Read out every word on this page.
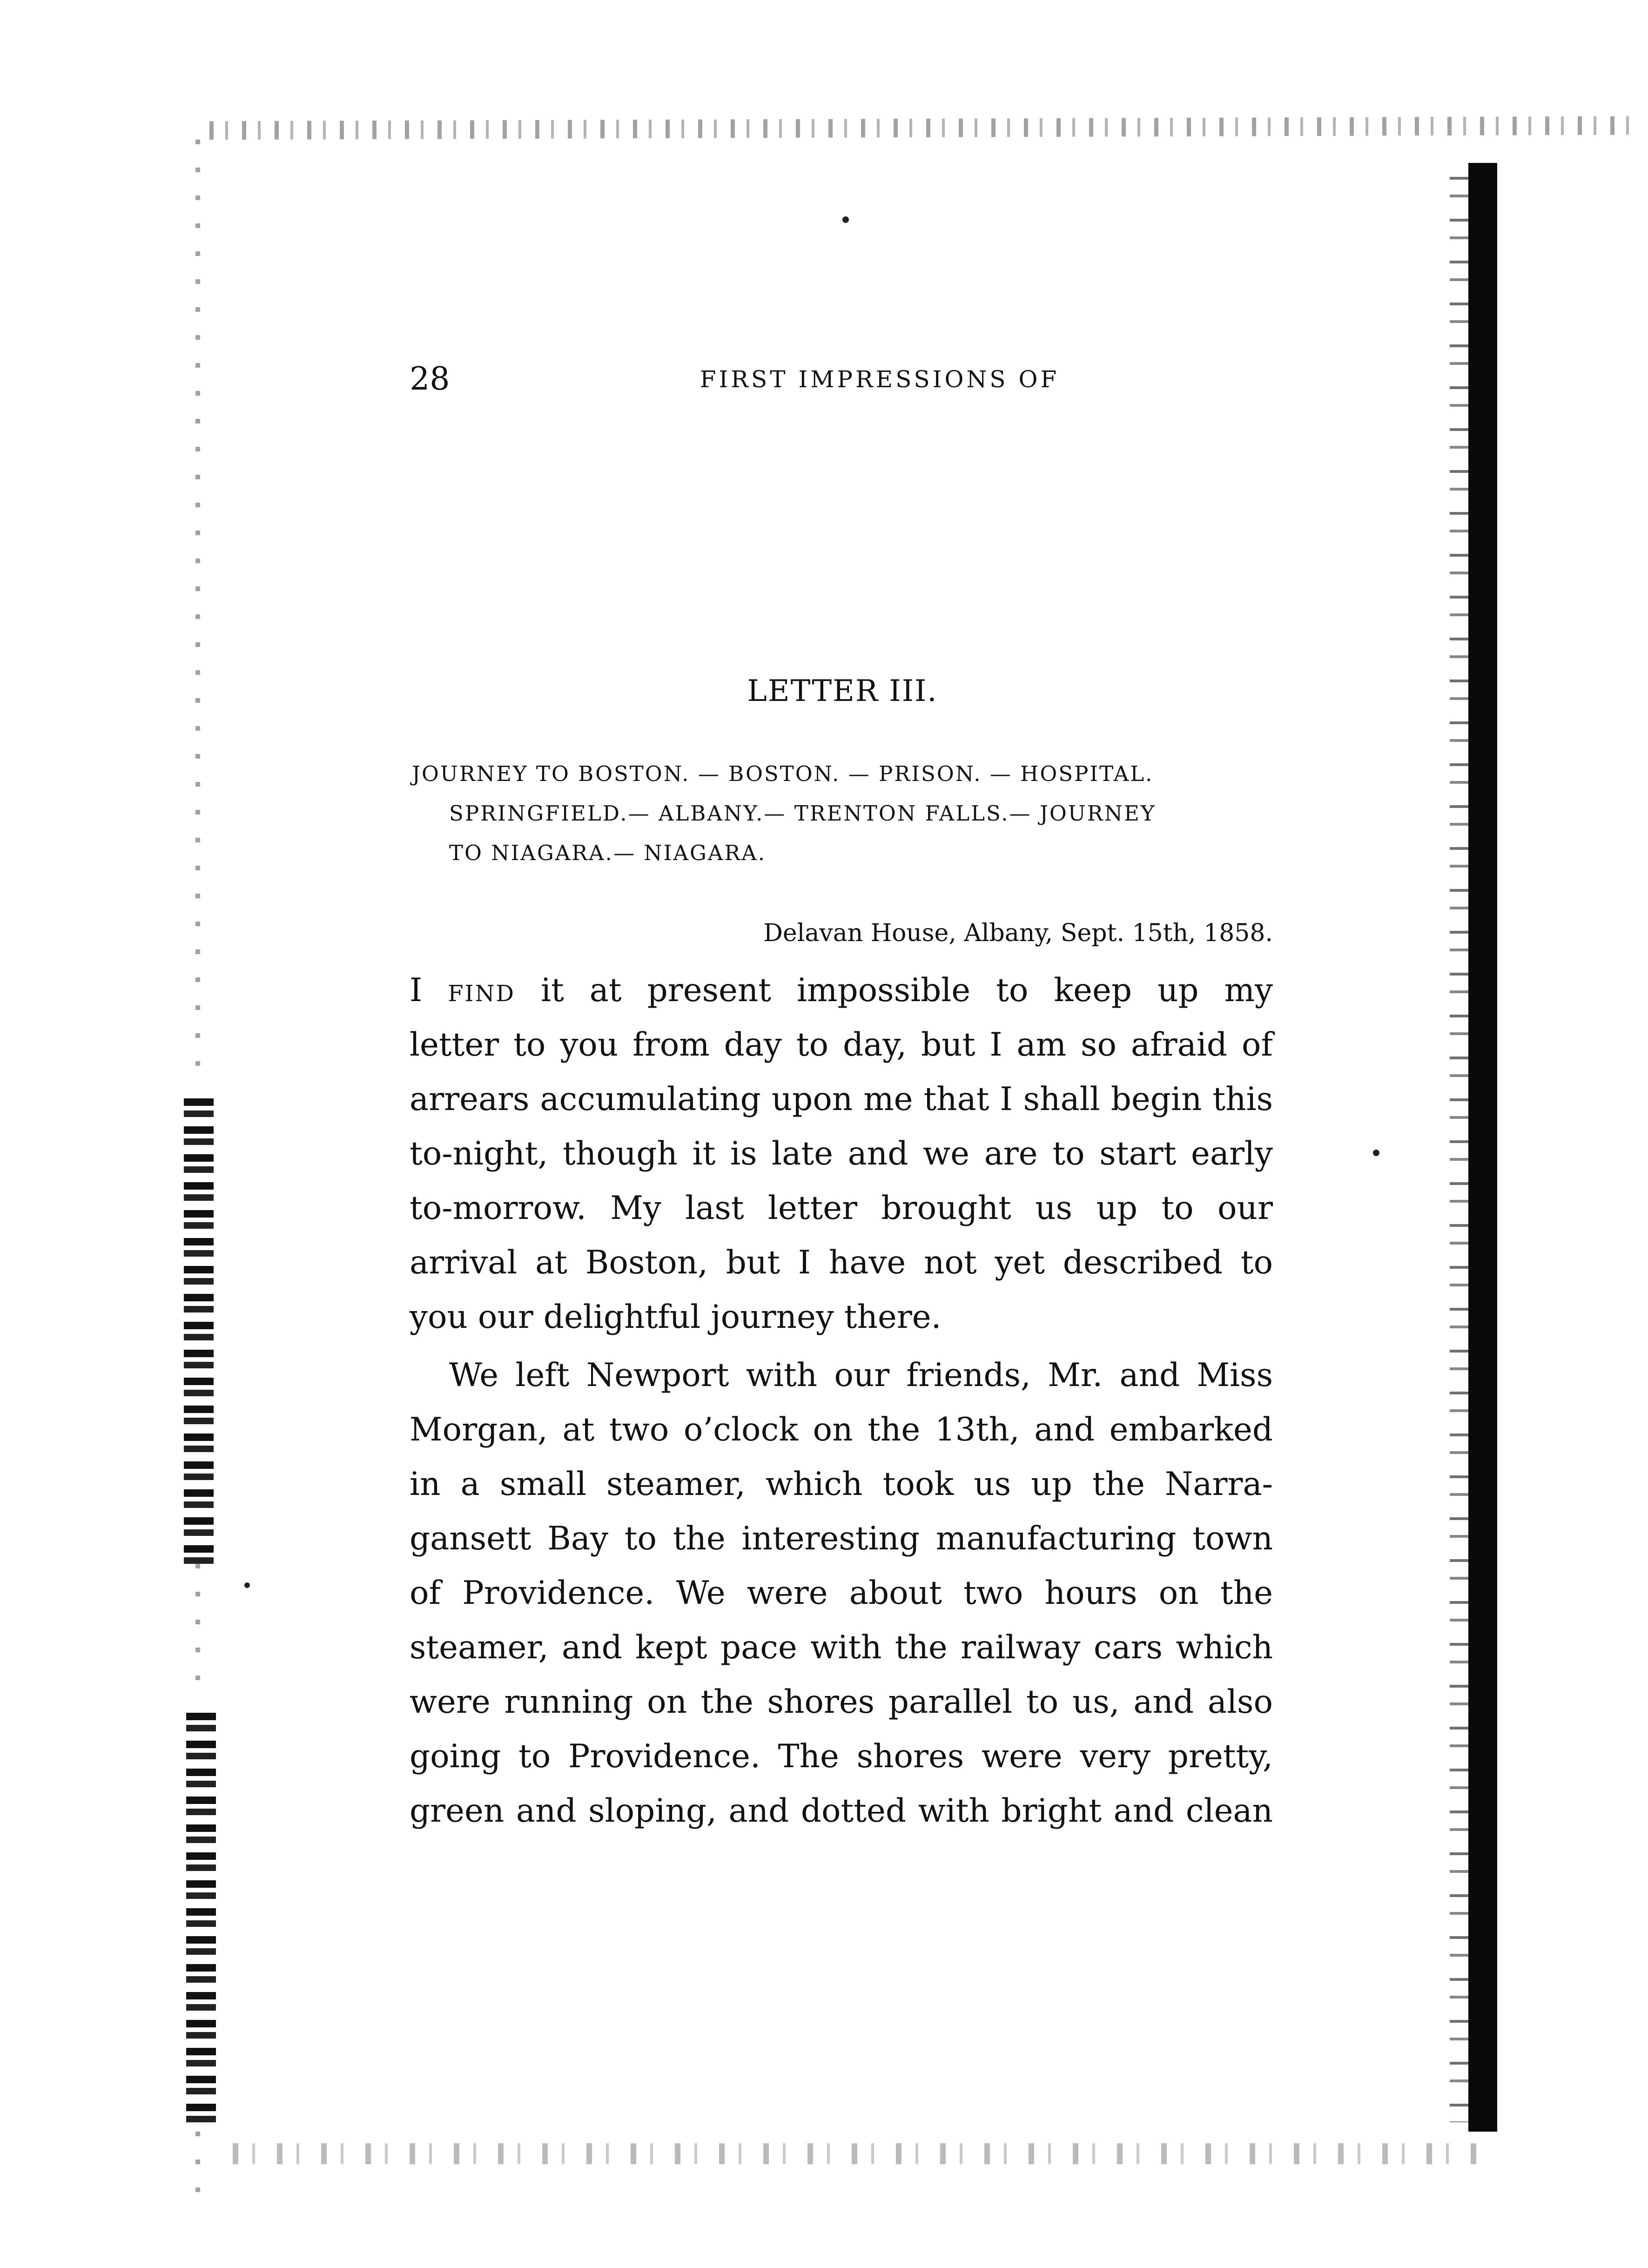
28	FIRST IMPRESSIONS OF
LETTER III.
JOURNEY TO BOSTON. — BOSTON. — PRISON. — HOSPITAL.
SPRINGFIELD.— ALBANY.— TRENTON FALLS.— JOURNEY
TO NIAGARA.— NIAGARA.
Delavan House, Albany, Sept. 15th, 1858.
I find it at present impossible to keep up my
letter to you from day to day, but I am so afraid of
arrears accumulating upon me that I shall begin this
to-night, though it is late and we are to start early
to-morrow. My last letter brought us up to our
arrival at Boston, but I have not yet described to
you our delightful journey there.
We left Newport with our friends, Mr. and Miss
Morgan, at two o’clock on the 13th, and embarked
in a small steamer, which took us up the Narra-
gansett Bay to the interesting manufacturing town
of Providence. We were about two hours on the
steamer, and kept pace with the railway cars which
were running on the shores parallel to us, and also
going to Providence. The shores were very pretty,
green and sloping, and dotted with bright and clean
